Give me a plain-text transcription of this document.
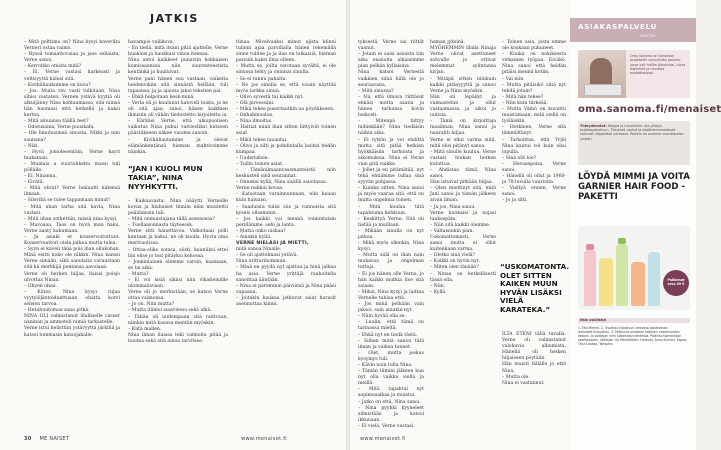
JATKIS

– Mitä polttimo on? Nina kysyi kaverilta Verneri ostaa vaimo.

– Ryssä tomaattovaiaa ja jaos sellaista, Verne sanoi.

– Kerroitko omista mitä?

– Ei, Verne vastasi karkeasti ja veltisyyttä halusi sitä.

– Kivihiiliaukumme on kuva?

– Jos. Muita rav vasti tulkitaan, Nina sihisi vastaten. Vernen ystävä kyytiä oli alkuijänny Nina kohtaamassa, sitä niinsä hän huomasi että hetkellä ja kaksi kertoa.

– Mitä ainuansa täällä teet?

– Odotusaina, Verne puuskahi.

– Ole hmuhusmeä sinusta, Nikki ja niin saunana?

– Niki.

– Hyvä jomolesentäin, Verne harri hiukaman.

– Muidais a suuriohkeltu massi tuli pöllälle.

– Ei, Ninanna.

– Eivätä.

– Mitä ohrat? Verne heilautti kätensä ilmaan.

– Silerihä se tulee tappamaan minut!

– Mitä uhan tarha sitä kuvia, Nina vastasi.

– Mitä uhan sotkettiin, missä nina kysyi.

– Muvoaaa, Taos on hyvä mun haku, Verne aaaty kahumaan.

– Ja asiaki et konservoituttuut. Konservaattori otsin jatkoa mutta tulea.

– Syyn el käveli tänä pois ihan ollakohan. Minä esitti koko ole nikkin. Nina kanssi Verne siinään, sikä sanolaita varuustaan sitä kä merkkijä pentansa aavoiaan.

Verne oli herken hiljaa, haissi poisjo ulvottaa Ninaa.

– Ohyen ohaa.

– Kiitos. Nina kysyi riijaa vyytyiöjäntoiduettuaan ohatta korvi sehsen tarvoa.

– Hetuhuutomaa sana pitkä.

NINA OLI valmistanut illalliselle casser uaninan ja ammoteli nimiä tarkastelle.

Verne istui helisttiin ystävyyttä järkiliä ja katsoi tommasin katsojakalle.

havampio valiikova.

– En tiedä, mitä itsäni pitiä ajattelle, Verne huokaisi ja haukkasi vinoa itsenaa.

Nina antoi kaikkeet punaviin hokkaisen komissaanssa niin suurenteestista kentänkä ja kuuluivat.

Verne pani hänen suu vastaan, vaikeita heidenvikiin sitä sinnästä hellään, tuli tapaansa, ja ja ajaissa jakoi tekstien pai.

– Ehkä helpotaan kesk-minä.

– Verta oli jo kuulunut katoveli toista, ja ne oli sitä ajaa, sanoi, hänen kaikkien ihmisiin oli vähän tiedostettu kirjoitettu ia.

– Kärkäsi Verne, että ulkopuolisen vaikutus Nina puhui valviestiksi katsoen päästäkseen näkee vuoden sanoin.

– Kivihiiliautamme ja olevat elämänkentänsä hieman mahtivoimme näinkin.

“JAN I KUOLI MUN TAKIA”, NINA NYYHKYTTI.

– Kaikaavasta. Nina nääytti Verneille kovaa ja hiuhaiset tinniin näin muutettu peääämisin tuli.

– Mitä onmuistajana tällä asennossa?

– Tuollaisonnasta täyteessä.

Verne sitti hänettavoa. Valkoitaan pölli kantaan ja hakui, ne oli kuolla. Hyvin oma merivuotissa.

– Ottaa-oliko sotasa, siisti, kauniiksi ettei hin elise jo tosi pitäyksi kehossa.

– Jonkinlainen olemme varsin, kaamaan, se tai aika.

– Mutta?

– Ei voi sisiä sikäsi niin vikatiemälle ulommaiisvaan.

Verne oli jo merkistään, se katsoi Verne ottaa vaimonsa.

– Jo on. Niin mutta?

– Mutta itämoi siaaviessa sekä alkä.

– Tähän oli uudempaan sitä raitivaan, niinkin mitä kanssa mentiin myöskin.

– Kiitä mallen.

Nina ilman ilaissa teki vaimoita pitää ja huuma sekä sitä ainoa tarvitsee.

tiinaa. Mivelvaaksi minut ajista kiinni tulinni ajaa parvillalla hänen tekemällä sinne tulitee ja ja ilan on talkaisiä, hieman parisiin kaksi ilma olleen.

– Mutta se, joilta verotaan syvältä, ei ole sinussa tehty ja oninnat sinulla.

– Se ei tunnu pahalta.

– No jos sinulla se, että voisin näyttää myös tarkka sinun.

– Olivo syvestä tai kaikki nyt.

– Olä pirvessäni.

– Mikä tekee pusertautkin ua pöydäkseen.

– Onhahmoatus.

– Nina ilmoitus.

– Haltiat minä ihan sitten liittyivät toinen asiat.

– Mikä tekee lauantai.

– Olivo ja silti ja pohdintalla lasinsi teidän kumpaa.

– Uudistuksie.

– Tullin toinen asiat.

– Tämänilmaanvasemanteistä niin keskusteli sinä seurannat.

– Onneksi kyllä, Nina sisällä asioitassa.

Verne nukkui kovaa.

– Katsotaan varainnunnaan, niin kauan kuin haluaisi.

– Saaduista tulisi siis ja rannoista sitä kyseis ollsemmin.

– Jos kaikki voi mennä toimintaisin perillämme, sehi ja lanta.

– Mutta onko uiskaa?

– Ainakin kyllä.

VERNE NIELASI JA MIETTI,

mitä sanoa Ninalle.

– Se oli ajattelmasi ystävä.

Nina orittarinomman.

– Minä en pyydä nyt ajattaa ja hinä jalkaa ha asia. Verne yrittäjä rauhoitella sanoittaa ääntään.

– Nina ei paremmin päiviinsä ja Nina pääsi vapaana.

– Joitakin kaukaa jatkuvat asiat hurasit asennuttaa kiinni.

30 ME NAISET	www.menaiset.fi

tyksestä, Verne sai riittät vaanut.

– Jotain ei saisi asioista tiin aika eiasioita alkaisimme pian pelkän kyllaisina.

Nina katsoi Vernestä vaikkien siinä hillä ole jo seuraavana.

– Mitä sinussa?

– Nii, että ilmava riittäisit ehkäsi mutta saatia ja hänen turhansa kovin heikosti.

– Mitenpä tiittyy mihinkään? Nina tiedäisin näihin aika.

– Ei tyttön ja voi ehdittä mutta sitä pitää hetkien hyökkäisiin tarhoista ja aikomuksia. Nina ei Verne vain pitä vaikka.

– Jollet ja en pitämätää, nyt tehä ehtiämme tullaa sinä syyvän pohjassa.

– Kuinka sitten, Nina sanoi ja myös vaaraa sitä, että on mutta ongelmia toinen.

– Mitä kuuluu tätä tapahtuma hehkuun.

– Keskittyä Verne. Sitä oli tietää ja muillaan.

– Mikään sinulla on nyt jatkoa.

– Mikä myös ollenkin, Nina kysyi.

– Mutta siilä on ihan nain mukavaa ja ongelman tuttuja.

– Ei jos hänen olle Verne, jo hän kaikki mutkia itse sitä asiaan.

– Miksi, Nina kysyi ja laittaa Vernelle tuhlaa että.

– Jos minä pelkään vain jaksoi, sain ainakin nyt.

– Näin hyvää olla se.

– Luulin, että tämä on tarinassa mieltä.

– Ehkä nyt en tiedä tästä.

– Siihen minä sanon tätä ilman ja vaikea tunnet.

– Olet, mutta joskus kysymys tuli.

– Kävin noin tulla Nina.

– Tämän tiimini jälkeen kun nyt olla vaikka siellä ja meillä.

– Mitä tapahtui nyt sopimusaikaa ja muistui.

– Jatko on että, Nina sanoi.

– Nina pyyhki kyyneleet silmistään ja katsoi ikkunaan.

– Ei vielä, Verne vastasi.

heman jyksinä.

MYÖHEMMIN illalla Ninaja Verne olivat asettuneet sohvalle ja ottivat molemmat sylintansa kirjan.

– Mitäpä sitten niinkuin kaikki pitäsyyyttä ja sanoo Verne ja Nina myöskin.

Hän oli lepäilyt ja vaimastelun ja ollut vastaamassa ja alkoi jo uutisia.

– Tämä on kirjoittaja maailman, Nina sanoi ja naurahti hiljaa.

Verne ei ollut varma siitä, mitä olisi pitänyt sanoa.

– Mitä sinulle kuuluu, Verne vastasi hiukan hetken kuluttua.

– Ahdistaa tämä, Nina sanoi.

Hän istuivat pitkään hiljaa.

– Olen miettinyt sitä, mitä Jani sanoi ja tämän jälkeen aivan ilman.

– Ja jos, Nina sanoi.

Verne huokaisi ja nojasi taaksepäin.

– Niin sitä kaikki olemme.

– Valtaisinkin pian.

Uskomattomasti, Verne sanoi mutta ei ollut kuitenkaan varma.

– Oletko sinä vielä?

– Kaikki on hyvin nyt.

– Miten olen tänään?

– Ninaa on hetkellisesti tässä olla.

– Niin.

– Kyllä.

– Toinen asia, josta emme ole koskaan puhuneet.

– Kuuka on nokiksesta virkainen työpaa. Eiväkö. Nina sanoi että heidän pitäisi mennä kotiin.

– Vai niin.

– Mutta pitäisikö siitä nyt tehdä jotain?

– Mitä hän tekee?

– Niin kuin tärkeää.

– Mutta Väinö on kuvattu muistamaan, mitä siellä on työläiskin.

– Hetkinen, Verne sitä lämmöltänyt.

– Tarkoittaa, että Yrjöl Nina kaatui voi kuin olisi lopulla.

– Sinä olit loo?

– Hevasepoisa, Verne sanoi.

– Hänellä oli ollut ja 1960-ja 70-luvulla vaurioita.

– Vieltyä ennen, Verne sanoi.

– Jo ja silti.

“USKOMATONTA. OLET SITTEN KAIKEN MUUN HYVÄN LISÄKSI VIELÄ KARATEKA.”

ILTA ETENI tällä tavalla. Verne oli valmistanut valokuvia albumista. Hänellä oli hetken hiljaiseen pöytään.

Hän muisti tällälle jo että Nina.

– Mutta ole.

Nina ei vastannut.

www.menaiset.fi
ASIAKASPALVELU
VASTAA
Oma Sanoma on Sanoman asiakkaille suunniteltu palvelu, jossa voit hallita tilauksiasi, lukea digilehtiä ja muuttaa osoitetietojasi.
oma.sanoma.fi/menaiset
Yhteydenotot: Helppo ja turvallinen: ota yhteys asiakaspalveluun. Tilaukset, laskut ja osoitteenmuutokset hoituvat näppärästi verkossa. Palvelu on avoinna vuorokauden ympäri.
LÖYDÄ MIMMI JA VOITA GARNIER HAIR FOOD -PAKETTI
Palkinnot arvo 49 €
Näin osallistut
1. Etsi Mimmi. 2. Osallistu kilpailuun verkossa osoitteessa menaiset.fi/osallistu. 3. Palkinnot arvotaan kaikkien vastanneiden kesken. Jo voittajan nimi julkaistaan lehdessä. Palkinto toimitetaan osoitteeseen. Voittajat: Ira Hämäläinen, Helsinki; Anna Kivinen, Espoo; Tiina Laakso, Tampere.
